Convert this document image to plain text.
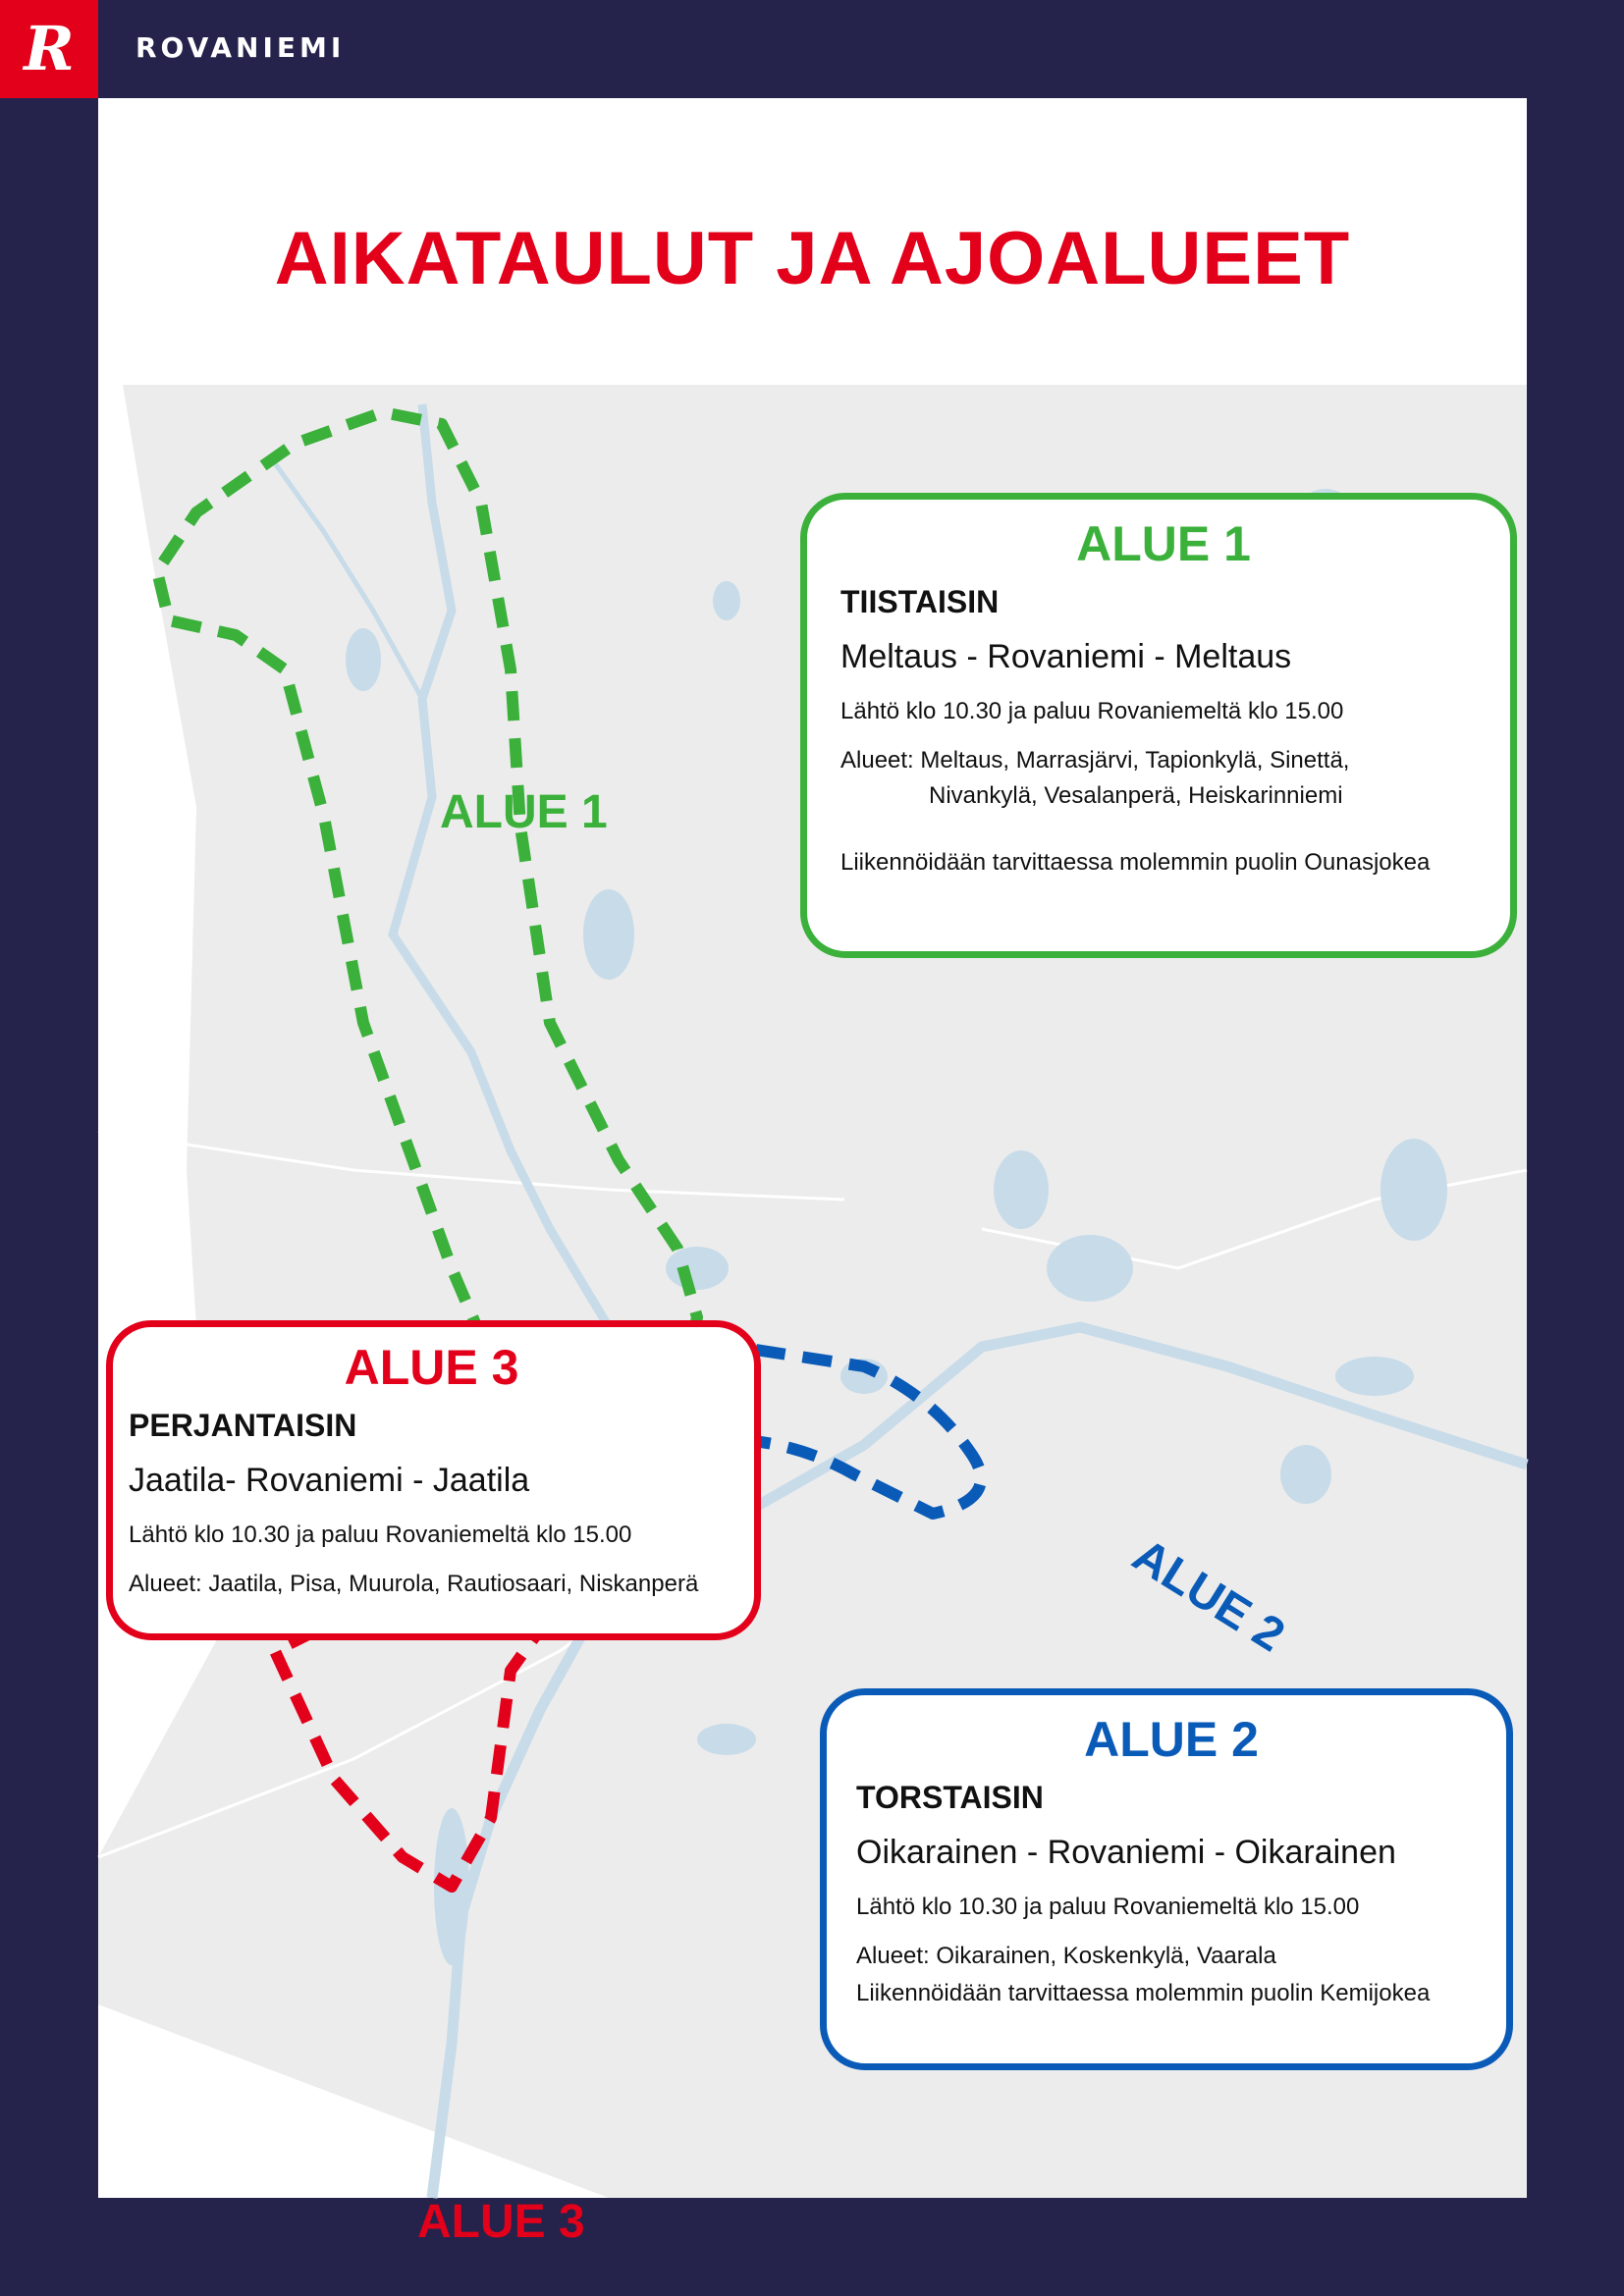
R ROVANIEMI
AIKATAULUT JA AJOALUEET
ALUE 1
ALUE 2
ALUE 3
ALUE 1
TIISTAISIN
Meltaus - Rovaniemi - Meltaus
Lähtö klo 10.30 ja paluu Rovaniemeltä klo 15.00
Alueet: Meltaus, Marrasjärvi, Tapionkylä, Sinettä,
Nivankylä, Vesalanperä, Heiskarinniemi
Liikennöidään tarvittaessa molemmin puolin Ounasjokea
ALUE 3
PERJANTAISIN
Jaatila- Rovaniemi - Jaatila
Lähtö klo 10.30 ja paluu Rovaniemeltä klo 15.00
Alueet: Jaatila, Pisa, Muurola, Rautiosaari, Niskanperä
ALUE 2
TORSTAISIN
Oikarainen - Rovaniemi - Oikarainen
Lähtö klo 10.30 ja paluu Rovaniemeltä klo 15.00
Alueet: Oikarainen, Koskenkylä, Vaarala
Liikennöidään tarvittaessa molemmin puolin Kemijokea
